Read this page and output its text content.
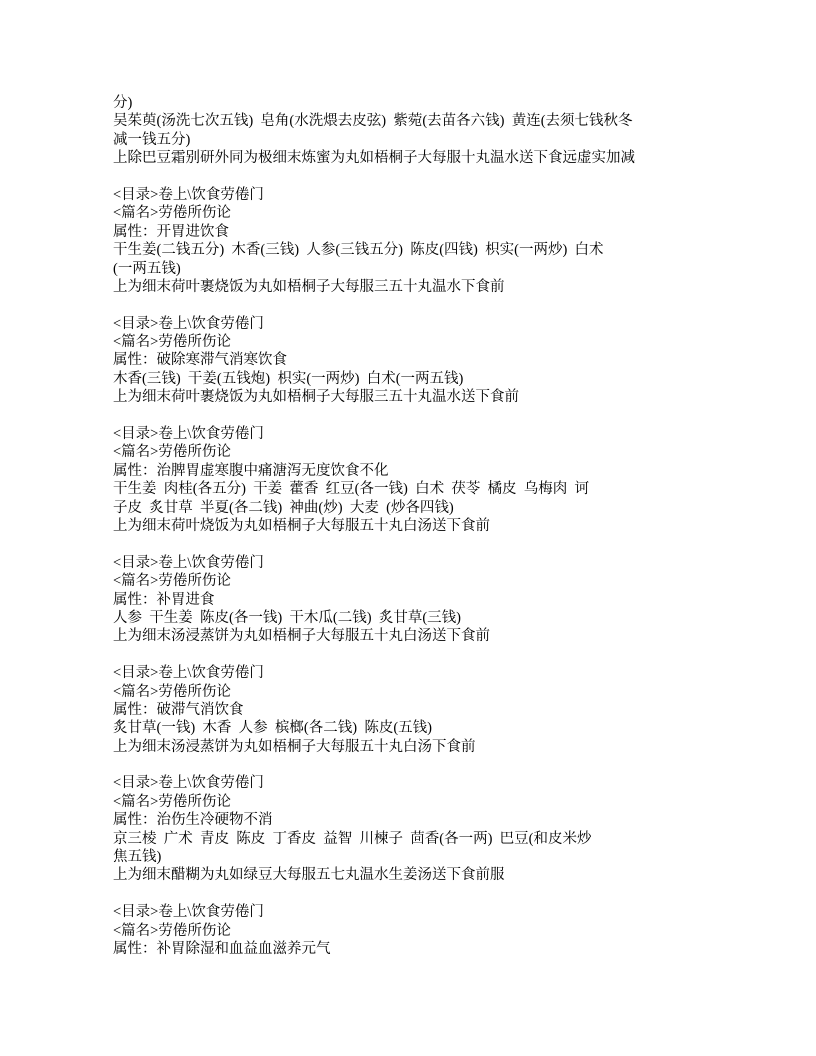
分)
吴茱萸(汤洗七次五钱)  皂角(水洗煨去皮弦)  紫菀(去苗各六钱)  黄连(去须七钱秋冬
减一钱五分)
上除巴豆霜别研外同为极细末炼蜜为丸如梧桐子大每服十丸温水送下食远虚实加减
<目录>卷上\饮食劳倦门
<篇名>劳倦所伤论
属性：开胃进饮食
干生姜(二钱五分)  木香(三钱)  人参(三钱五分)  陈皮(四钱)  枳实(一两炒)  白术
(一两五钱)
上为细末荷叶裹烧饭为丸如梧桐子大每服三五十丸温水下食前
<目录>卷上\饮食劳倦门
<篇名>劳倦所伤论
属性：破除寒滞气消寒饮食
木香(三钱)  干姜(五钱炮)  枳实(一两炒)  白术(一两五钱)
上为细末荷叶裹烧饭为丸如梧桐子大每服三五十丸温水送下食前
<目录>卷上\饮食劳倦门
<篇名>劳倦所伤论
属性：治脾胃虚寒腹中痛溏泻无度饮食不化
干生姜  肉桂(各五分)  干姜  藿香  红豆(各一钱)  白术  茯苓  橘皮  乌梅肉  诃
子皮  炙甘草  半夏(各二钱)  神曲(炒)  大麦  (炒各四钱)
上为细末荷叶烧饭为丸如梧桐子大每服五十丸白汤送下食前
<目录>卷上\饮食劳倦门
<篇名>劳倦所伤论
属性：补胃进食
人参  干生姜  陈皮(各一钱)  干木瓜(二钱)  炙甘草(三钱)
上为细末汤浸蒸饼为丸如梧桐子大每服五十丸白汤送下食前
<目录>卷上\饮食劳倦门
<篇名>劳倦所伤论
属性：破滞气消饮食
炙甘草(一钱)  木香  人参  槟榔(各二钱)  陈皮(五钱)
上为细末汤浸蒸饼为丸如梧桐子大每服五十丸白汤下食前
<目录>卷上\饮食劳倦门
<篇名>劳倦所伤论
属性：治伤生冷硬物不消
京三棱  广术  青皮  陈皮  丁香皮  益智  川楝子  茴香(各一两)  巴豆(和皮米炒
焦五钱)
上为细末醋糊为丸如绿豆大每服五七丸温水生姜汤送下食前服
<目录>卷上\饮食劳倦门
<篇名>劳倦所伤论
属性：补胃除湿和血益血滋养元气
